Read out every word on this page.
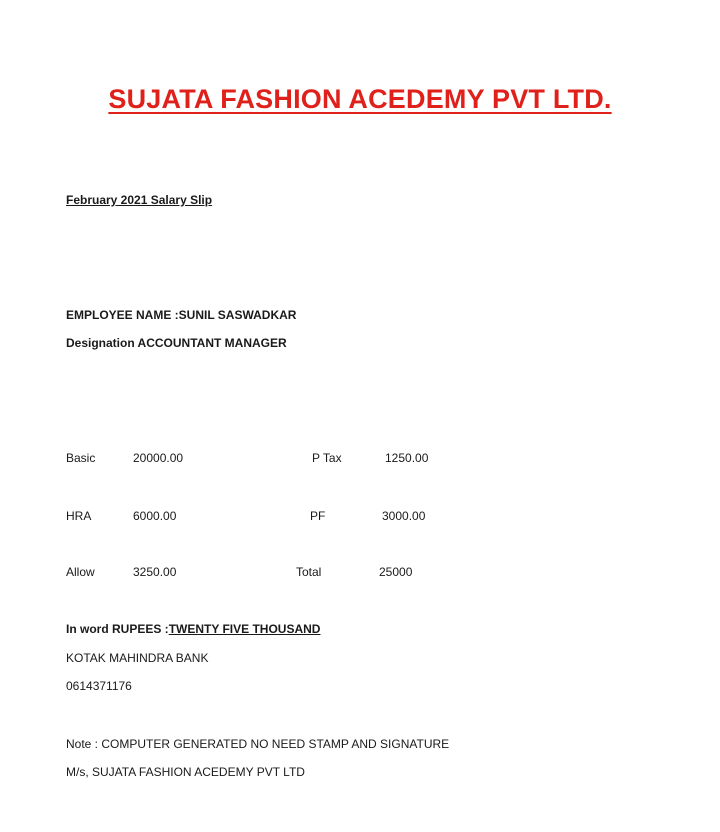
SUJATA FASHION ACEDEMY PVT LTD.
February 2021 Salary Slip
EMPLOYEE NAME :SUNIL SASWADKAR
Designation ACCOUNTANT MANAGER
Basic	20000.00	P Tax	1250.00
HRA	6000.00	PF	3000.00
Allow	3250.00	Total	25000
In word RUPEES :TWENTY FIVE THOUSAND
KOTAK MAHINDRA BANK
0614371176
Note : COMPUTER GENERATED NO NEED STAMP AND SIGNATURE
M/s, SUJATA FASHION ACEDEMY PVT LTD
